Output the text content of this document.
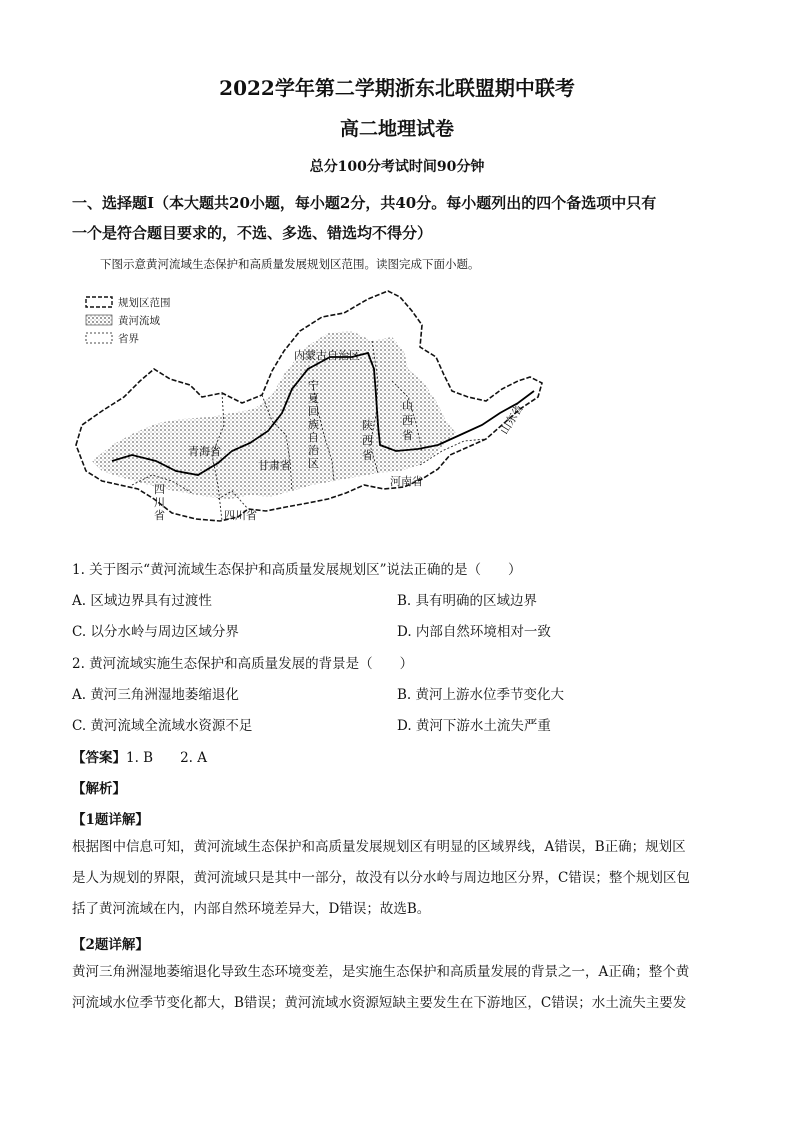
2022学年第二学期浙东北联盟期中联考
高二地理试卷
总分100分考试时间90分钟
一、选择题Ⅰ（本大题共20小题，每小题2分，共40分。每小题列出的四个备选项中只有
一个是符合题目要求的，不选、多选、错选均不得分）
下图示意黄河流域生态保护和高质量发展规划区范围。读图完成下面小题。
规划区范围
黄河流域
省界
内蒙古自治区
青海省
甘肃省
河南省
四川省
山东省
宁
夏
回
族
自
治
区
山
西
省
陕
西
省
四
川
省
1. 关于图示“黄河流域生态保护和高质量发展规划区”说法正确的是（　　）
A. 区域边界具有过渡性	B. 具有明确的区域边界
C. 以分水岭与周边区域分界	D. 内部自然环境相对一致
2. 黄河流域实施生态保护和高质量发展的背景是（　　）
A. 黄河三角洲湿地萎缩退化	B. 黄河上游水位季节变化大
C. 黄河流域全流域水资源不足	D. 黄河下游水土流失严重
【答案】1. B　　2. A
【解析】
【1题详解】
根据图中信息可知，黄河流域生态保护和高质量发展规划区有明显的区域界线，A错误，B正确；规划区
是人为规划的界限，黄河流域只是其中一部分，故没有以分水岭与周边地区分界，C错误；整个规划区包
括了黄河流域在内，内部自然环境差异大，D错误；故选B。
【2题详解】
黄河三角洲湿地萎缩退化导致生态环境变差，是实施生态保护和高质量发展的背景之一，A正确；整个黄
河流域水位季节变化都大，B错误；黄河流域水资源短缺主要发生在下游地区，C错误；水土流失主要发
